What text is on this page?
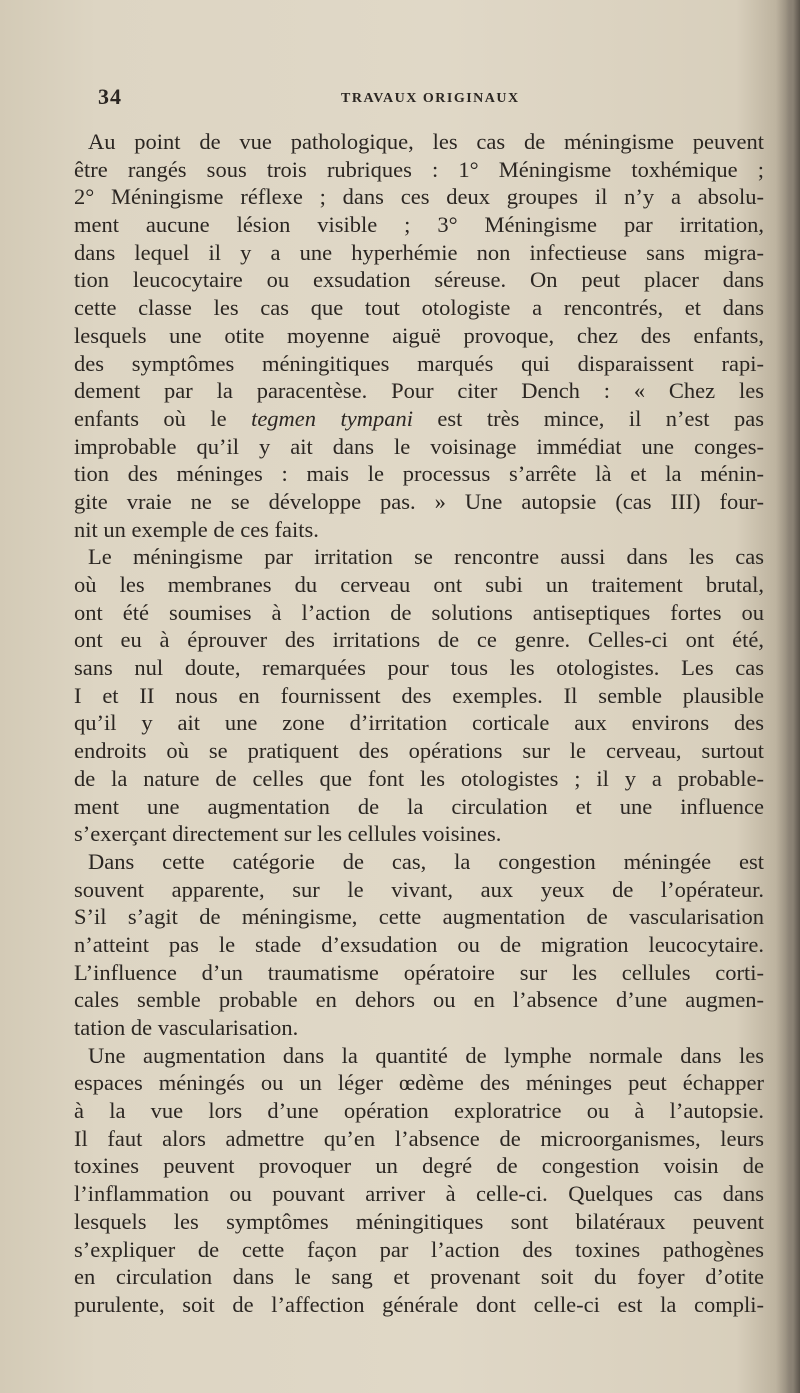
34	TRAVAUX ORIGINAUX
Au point de vue pathologique, les cas de méningisme peuvent
être rangés sous trois rubriques : 1° Méningisme toxhémique ;
2° Méningisme réflexe ; dans ces deux groupes il n’y a absolu-
ment aucune lésion visible ; 3° Méningisme par irritation,
dans lequel il y a une hyperhémie non infectieuse sans migra-
tion leucocytaire ou exsudation séreuse. On peut placer dans
cette classe les cas que tout otologiste a rencontrés, et dans
lesquels une otite moyenne aiguë provoque, chez des enfants,
des symptômes méningitiques marqués qui disparaissent rapi-
dement par la paracentèse. Pour citer Dench : « Chez les
enfants où le tegmen tympani est très mince, il n’est pas
improbable qu’il y ait dans le voisinage immédiat une conges-
tion des méninges : mais le processus s’arrête là et la ménin-
gite vraie ne se développe pas. » Une autopsie (cas III) four-
nit un exemple de ces faits.
Le méningisme par irritation se rencontre aussi dans les cas
où les membranes du cerveau ont subi un traitement brutal,
ont été soumises à l’action de solutions antiseptiques fortes ou
ont eu à éprouver des irritations de ce genre. Celles-ci ont été,
sans nul doute, remarquées pour tous les otologistes. Les cas
I et II nous en fournissent des exemples. Il semble plausible
qu’il y ait une zone d’irritation corticale aux environs des
endroits où se pratiquent des opérations sur le cerveau, surtout
de la nature de celles que font les otologistes ; il y a probable-
ment une augmentation de la circulation et une influence
s’exerçant directement sur les cellules voisines.
Dans cette catégorie de cas, la congestion méningée est
souvent apparente, sur le vivant, aux yeux de l’opérateur.
S’il s’agit de méningisme, cette augmentation de vascularisation
n’atteint pas le stade d’exsudation ou de migration leucocytaire.
L’influence d’un traumatisme opératoire sur les cellules corti-
cales semble probable en dehors ou en l’absence d’une augmen-
tation de vascularisation.
Une augmentation dans la quantité de lymphe normale dans les
espaces méningés ou un léger œdème des méninges peut échapper
à la vue lors d’une opération exploratrice ou à l’autopsie.
Il faut alors admettre qu’en l’absence de microorganismes, leurs
toxines peuvent provoquer un degré de congestion voisin de
l’inflammation ou pouvant arriver à celle-ci. Quelques cas dans
lesquels les symptômes méningitiques sont bilatéraux peuvent
s’expliquer de cette façon par l’action des toxines pathogènes
en circulation dans le sang et provenant soit du foyer d’otite
purulente, soit de l’affection générale dont celle-ci est la compli-
